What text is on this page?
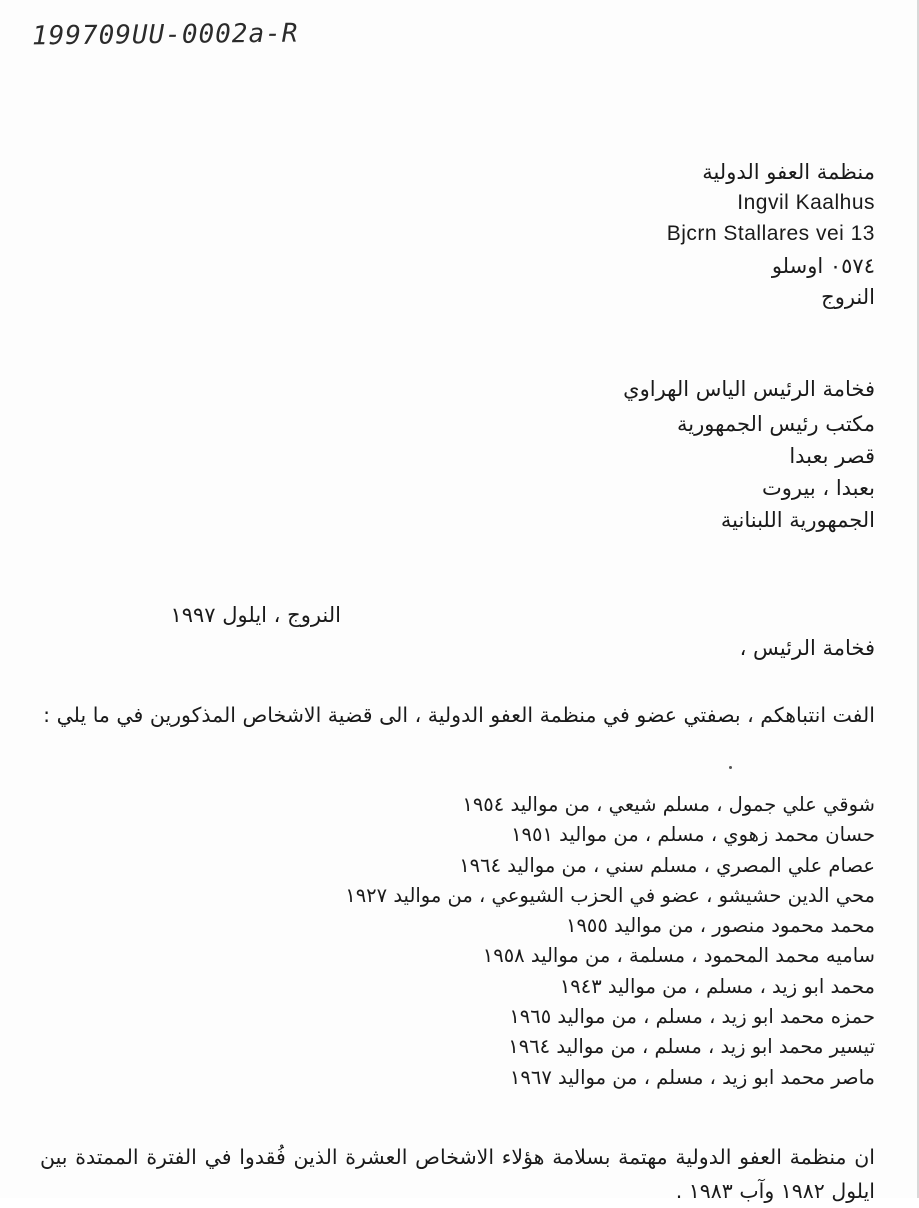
199709UU-0002a-R
منظمة العفو الدولية
Ingvil Kaalhus
Bjcrn Stallares vei 13
٠٥٧٤ اوسلو
النروج
فخامة الرئيس الياس الهراوي
مكتب رئيس الجمهورية
قصر بعبدا
بعبدا ، بيروت
الجمهورية اللبنانية
النروج ، ايلول ١٩٩٧
فخامة الرئيس ،
الفت انتباهكم ، بصفتي عضو في منظمة العفو الدولية ، الى قضية الاشخاص المذكورين في ما يلي :
شوقي علي جمول ، مسلم شيعي ، من مواليد ١٩٥٤
حسان محمد زهوي ، مسلم ، من مواليد ١٩٥١
عصام علي المصري ، مسلم سني ، من مواليد ١٩٦٤
محي الدين حشيشو ، عضو في الحزب الشيوعي ، من مواليد ١٩٢٧
محمد محمود منصور ، من مواليد ١٩٥٥
ساميه محمد المحمود ، مسلمة ، من مواليد ١٩٥٨
محمد ابو زيد ، مسلم ، من مواليد ١٩٤٣
حمزه محمد ابو زيد ، مسلم ، من مواليد ١٩٦٥
تيسير محمد ابو زيد ، مسلم ، من مواليد ١٩٦٤
ماصر محمد ابو زيد ، مسلم ، من مواليد ١٩٦٧
ان منظمة العفو الدولية مهتمة بسلامة هؤلاء الاشخاص العشرة الذين فُقدوا في الفترة الممتدة بين ايلول ١٩٨٢ وآب ١٩٨٣ .
